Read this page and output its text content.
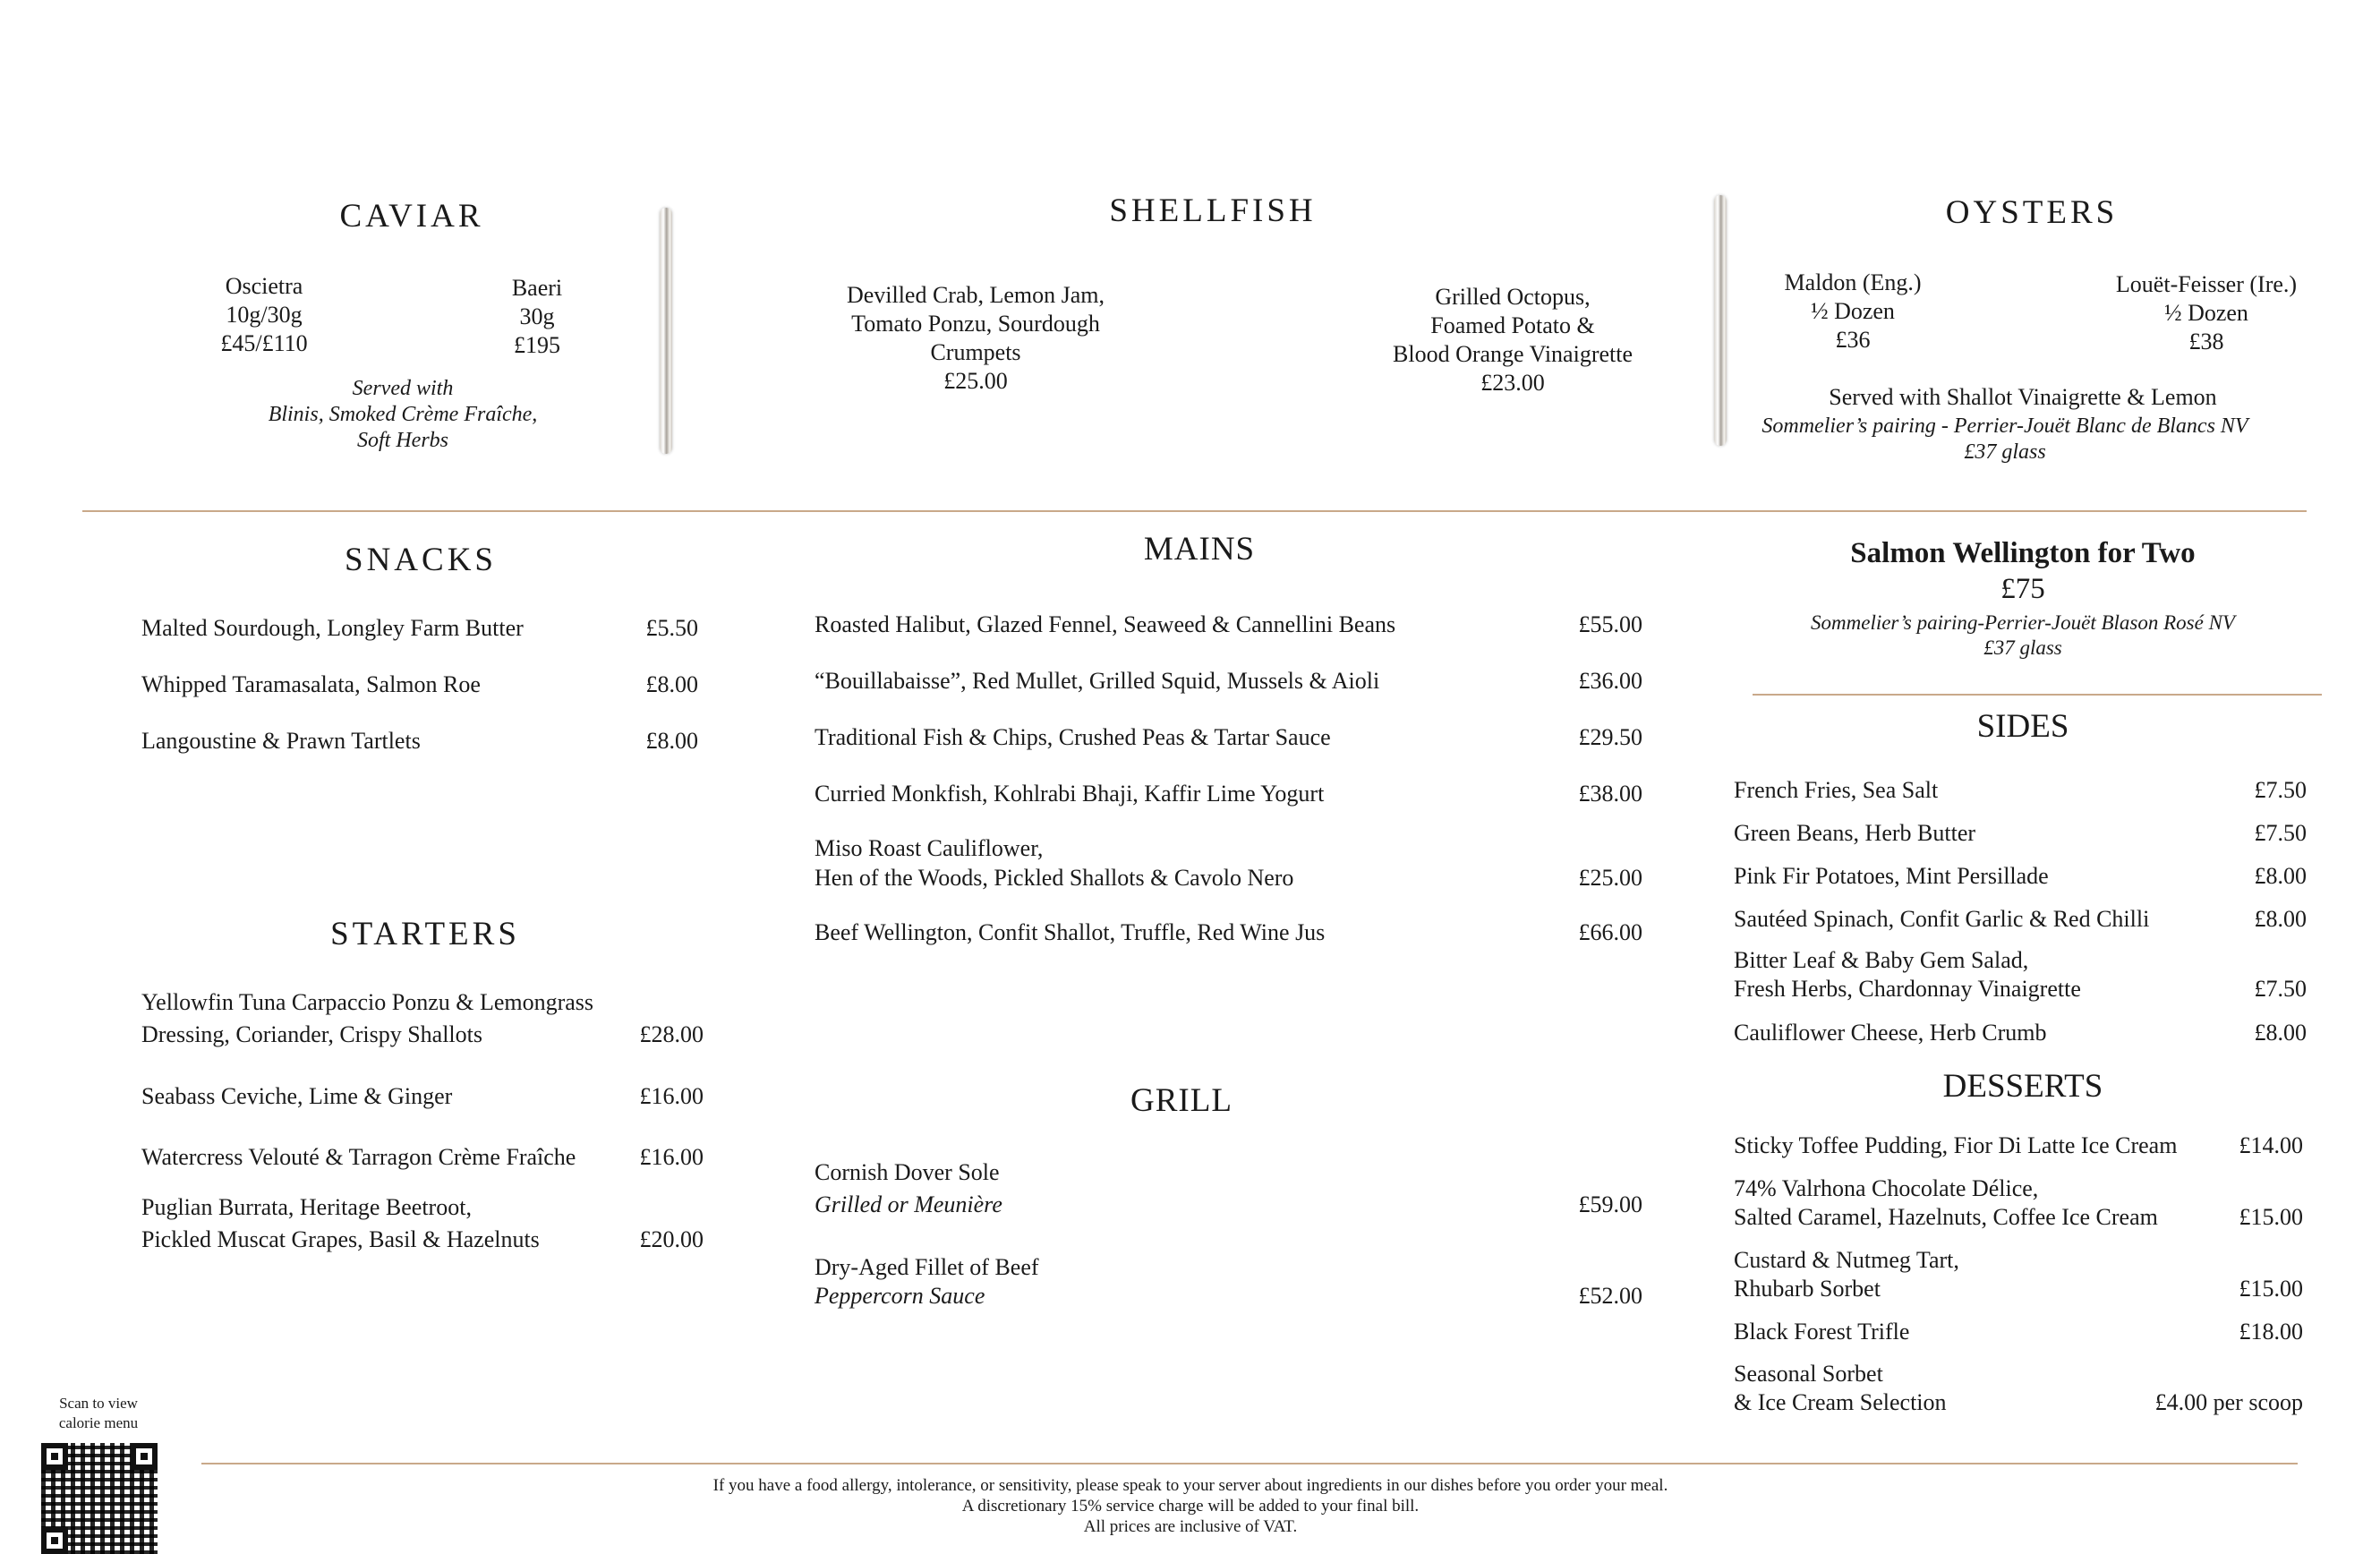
CAVIAR
Oscietra
10g/30g
£45/£110
Baeri
30g
£195
Served with
Blinis, Smoked Crème Fraîche,
Soft Herbs
SHELLFISH
Devilled Crab, Lemon Jam,
Tomato Ponzu, Sourdough
Crumpets
£25.00
Grilled Octopus,
Foamed Potato &
Blood Orange Vinaigrette
£23.00
OYSTERS
Maldon (Eng.)
½ Dozen
£36
Louët-Feisser (Ire.)
½ Dozen
£38
Served with Shallot Vinaigrette & Lemon
Sommelier’s pairing - Perrier-Jouët Blanc de Blancs NV
£37 glass
SNACKS
Malted Sourdough, Longley Farm Butter	£5.50
Whipped Taramasalata, Salmon Roe	£8.00
Langoustine & Prawn Tartlets	£8.00
STARTERS
Yellowfin Tuna Carpaccio Ponzu & Lemongrass
Dressing, Coriander, Crispy Shallots	£28.00
Seabass Ceviche, Lime & Ginger	£16.00
Watercress Velouté & Tarragon Crème Fraîche	£16.00
Puglian Burrata, Heritage Beetroot,
Pickled Muscat Grapes, Basil & Hazelnuts	£20.00
MAINS
Roasted Halibut, Glazed Fennel, Seaweed & Cannellini Beans	£55.00
“Bouillabaisse”, Red Mullet, Grilled Squid, Mussels & Aioli	£36.00
Traditional Fish & Chips, Crushed Peas & Tartar Sauce	£29.50
Curried Monkfish, Kohlrabi Bhaji, Kaffir Lime Yogurt	£38.00
Miso Roast Cauliflower,
Hen of the Woods, Pickled Shallots & Cavolo Nero	£25.00
Beef Wellington, Confit Shallot, Truffle, Red Wine Jus	£66.00
GRILL
Cornish Dover Sole
Grilled or Meunière	£59.00
Dry-Aged Fillet of Beef
Peppercorn Sauce	£52.00
Salmon Wellington for Two
£75
Sommelier’s pairing-Perrier-Jouët Blason Rosé NV
£37 glass
SIDES
French Fries, Sea Salt	£7.50
Green Beans, Herb Butter	£7.50
Pink Fir Potatoes, Mint Persillade	£8.00
Sautéed Spinach, Confit Garlic & Red Chilli	£8.00
Bitter Leaf & Baby Gem Salad,
Fresh Herbs, Chardonnay Vinaigrette	£7.50
Cauliflower Cheese, Herb Crumb	£8.00
DESSERTS
Sticky Toffee Pudding, Fior Di Latte Ice Cream	£14.00
74% Valrhona Chocolate Délice,
Salted Caramel, Hazelnuts, Coffee Ice Cream	£15.00
Custard & Nutmeg Tart,
Rhubarb Sorbet	£15.00
Black Forest Trifle	£18.00
Seasonal Sorbet
& Ice Cream Selection	£4.00 per scoop
Scan to view
calorie menu
If you have a food allergy, intolerance, or sensitivity, please speak to your server about ingredients in our dishes before you order your meal.
A discretionary 15% service charge will be added to your final bill.
All prices are inclusive of VAT.
